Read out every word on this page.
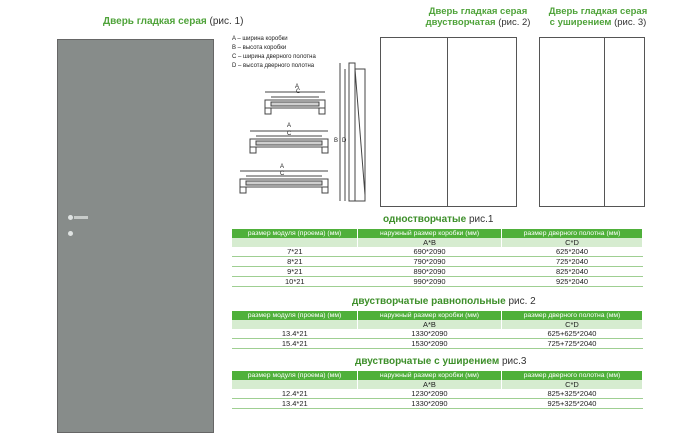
Дверь гладкая серая (рис. 1)
Дверь гладкая серая
двустворчатая (рис. 2)
Дверь гладкая серая
с уширением (рис. 3)
A – ширина коробки
B – высота коробки
C – ширина дверного полотна
D – высота дверного полотна
A
C
A
C
A
C
B D
одностворчатые рис.1
размер модуля (проема) (мм)	наружный размер коробки (мм)	размер дверного полотна (мм)
	A*B	C*D
7*21	690*2090	625*2040
8*21	790*2090	725*2040
9*21	890*2090	825*2040
10*21	990*2090	925*2040
двустворчатые равнопольные рис. 2
размер модуля (проема) (мм)	наружный размер коробки (мм)	размер дверного полотна (мм)
	A*B	C*D
13.4*21	1330*2090	625+625*2040
15.4*21	1530*2090	725+725*2040
двустворчатые с уширением рис.3
размер модуля (проема) (мм)	наружный размер коробки (мм)	размер дверного полотна (мм)
	A*B	C*D
12.4*21	1230*2090	825+325*2040
13.4*21	1330*2090	925+325*2040
